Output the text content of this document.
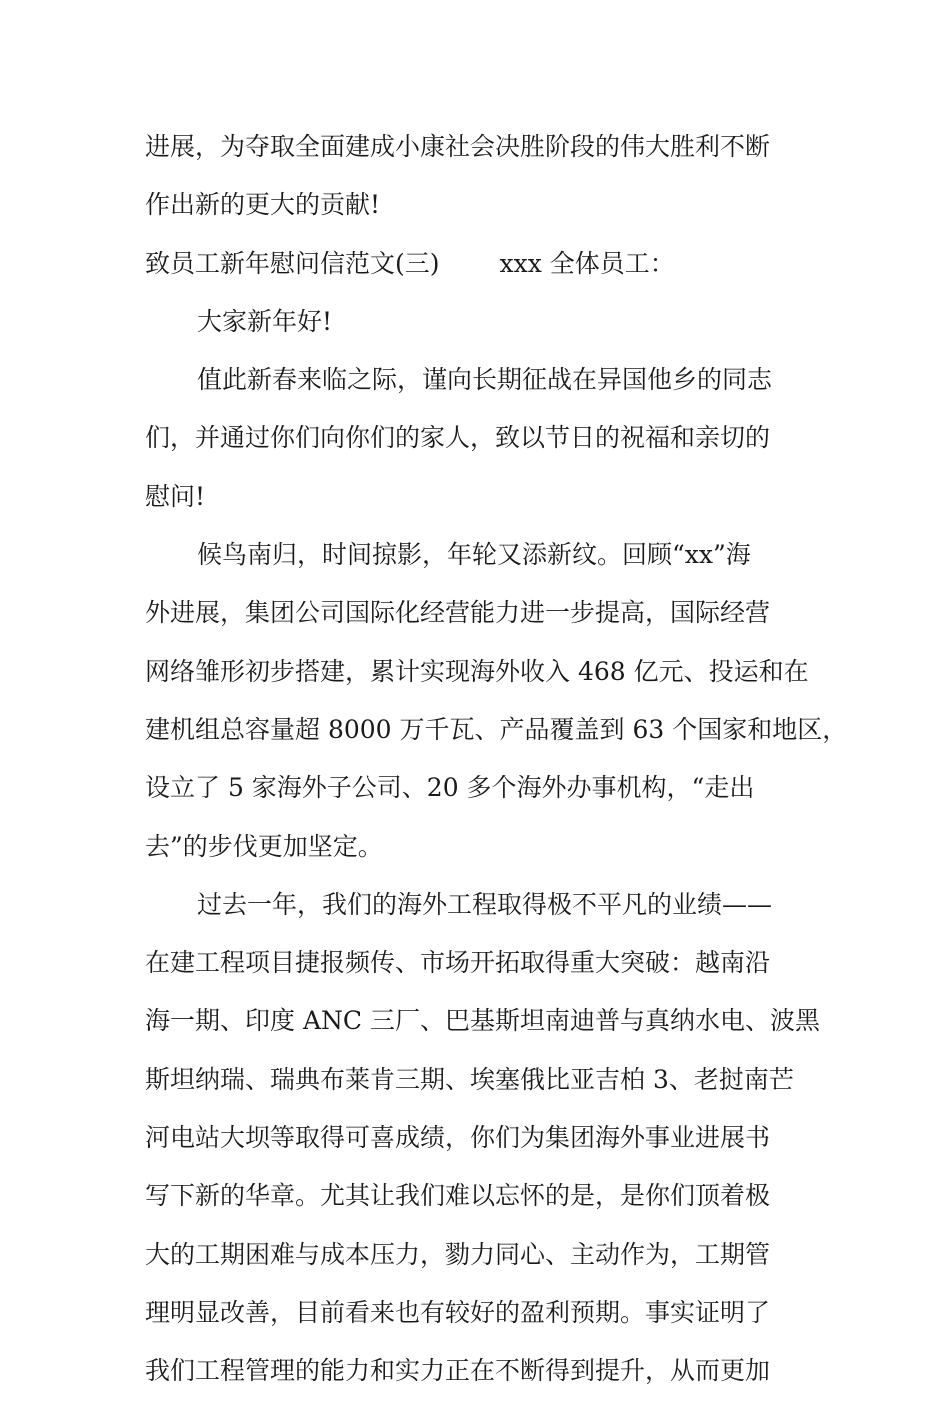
进展，为夺取全面建成小康社会决胜阶段的伟大胜利不断
作出新的更大的贡献!
致员工新年慰问信范文(三) xxx 全体员工：
大家新年好!
值此新春来临之际，谨向长期征战在异国他乡的同志
们，并通过你们向你们的家人，致以节日的祝福和亲切的
慰问!
候鸟南归，时间掠影，年轮又添新纹。回顾“xx”海
外进展，集团公司国际化经营能力进一步提高，国际经营
网络雏形初步搭建，累计实现海外收入 468 亿元、投运和在
建机组总容量超 8000 万千瓦、产品覆盖到 63 个国家和地区，
设立了 5 家海外子公司、20 多个海外办事机构，“走出
去”的步伐更加坚定。
过去一年，我们的海外工程取得极不平凡的业绩——
在建工程项目捷报频传、市场开拓取得重大突破：越南沿
海一期、印度 ANC 三厂、巴基斯坦南迪普与真纳水电、波黑
斯坦纳瑞、瑞典布莱肯三期、埃塞俄比亚吉柏 3、老挝南芒
河电站大坝等取得可喜成绩，你们为集团海外事业进展书
写下新的华章。尤其让我们难以忘怀的是，是你们顶着极
大的工期困难与成本压力，勠力同心、主动作为，工期管
理明显改善，目前看来也有较好的盈利预期。事实证明了
我们工程管理的能力和实力正在不断得到提升，从而更加
